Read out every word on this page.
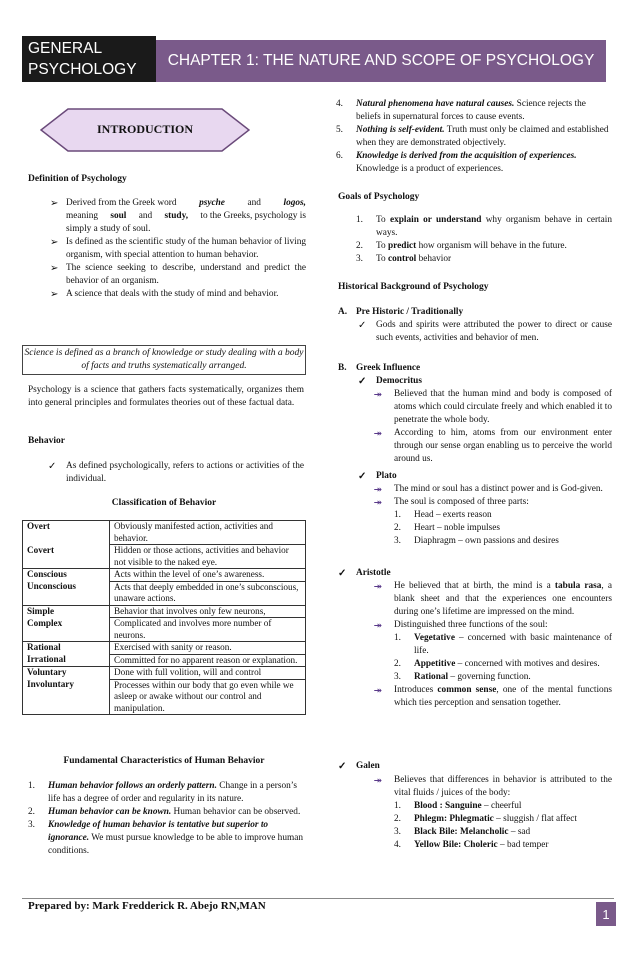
GENERAL
PSYCHOLOGY
CHAPTER 1: THE NATURE AND SCOPE OF PSYCHOLOGY
INTRODUCTION
Definition of Psychology
➢ Derived from the Greek word psyche and logos,
meaning soul and study, to the Greeks, psychology is
simply a study of soul.
➢ Is defined as the scientific study of the human behavior of living organism, with special attention to human behavior.
➢ The science seeking to describe, understand and predict the behavior of an organism.
➢ A science that deals with the study of mind and behavior.
Science is defined as a branch of knowledge or study dealing with a body of facts and truths systematically arranged.
Psychology is a science that gathers facts systematically, organizes them into general principles and formulates theories out of these factual data.
Behavior
✓ As defined psychologically, refers to actions or activities of the individual.
Classification of Behavior
Overt	Obviously manifested action, activities and behavior.
Covert	Hidden or those actions, activities and behavior not visible to the naked eye.
Conscious	Acts within the level of one’s awareness.
Unconscious	Acts that deeply embedded in one’s subconscious, unaware actions.
Simple	Behavior that involves only few neurons,
Complex	Complicated and involves more number of neurons.
Rational	Exercised with sanity or reason.
Irrational	Committed for no apparent reason or explanation.
Voluntary	Done with full volition, will and control
Involuntary	Processes within our body that go even while we asleep or awake without our control and manipulation.
Fundamental Characteristics of Human Behavior
1. Human behavior follows an orderly pattern. Change in a person’s life has a degree of order and regularity in its nature.
2. Human behavior can be known. Human behavior can be observed.
3. Knowledge of human behavior is tentative but superior to ignorance. We must pursue knowledge to be able to improve human conditions.
4. Natural phenomena have natural causes. Science rejects the beliefs in supernatural forces to cause events.
5. Nothing is self-evident. Truth must only be claimed and established when they are demonstrated objectively.
6. Knowledge is derived from the acquisition of experiences. Knowledge is a product of experiences.
Goals of Psychology
1. To explain or understand why organism behave in certain ways.
2. To predict how organism will behave in the future.
3. To control behavior
Historical Background of Psychology
A. Pre Historic / Traditionally
✓ Gods and spirits were attributed the power to direct or cause such events, activities and behavior of men.
B. Greek Influence
✓ Democritus
⯮ Believed that the human mind and body is composed of atoms which could circulate freely and which enabled it to penetrate the whole body.
⯮ According to him, atoms from our environment enter through our sense organ enabling us to perceive the world around us.
✓ Plato
⯮ The mind or soul has a distinct power and is God-given.
⯮ The soul is composed of three parts:
1. Head – exerts reason
2. Heart – noble impulses
3. Diaphragm – own passions and desires
✓ Aristotle
⯮ He believed that at birth, the mind is a tabula rasa, a blank sheet and that the experiences one encounters during one’s lifetime are impressed on the mind.
⯮ Distinguished three functions of the soul:
1. Vegetative – concerned with basic maintenance of life.
2. Appetitive – concerned with motives and desires.
3. Rational – governing function.
⯮ Introduces common sense, one of the mental functions which ties perception and sensation together.
✓ Galen
⯮ Believes that differences in behavior is attributed to the vital fluids / juices of the body:
1. Blood : Sanguine – cheerful
2. Phlegm: Phlegmatic – sluggish / flat affect
3. Black Bile: Melancholic – sad
4. Yellow Bile: Choleric – bad temper
Prepared by: Mark Fredderick R. Abejo RN,MAN
1
